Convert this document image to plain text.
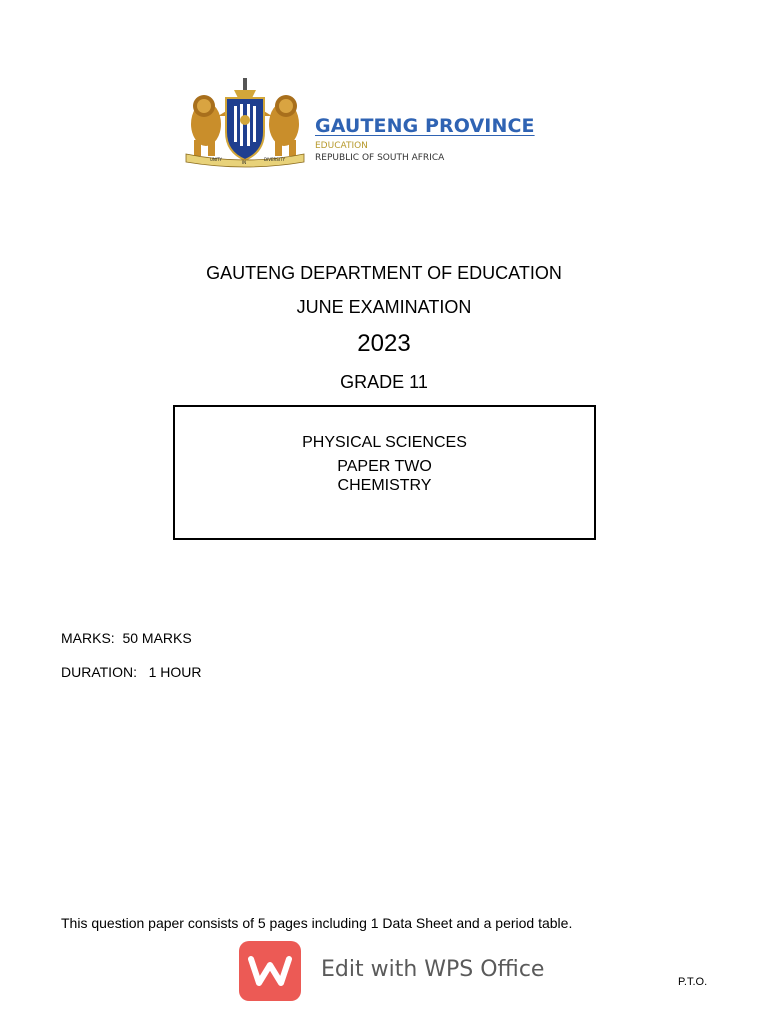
UNITY
IN
DIVERSITY
GAUTENG PROVINCE
EDUCATION
REPUBLIC OF SOUTH AFRICA
GAUTENG DEPARTMENT OF EDUCATION
JUNE EXAMINATION
2023
GRADE 11
PHYSICAL SCIENCES
PAPER TWO
CHEMISTRY
MARKS:  50 MARKS
DURATION:   1 HOUR
This question paper consists of 5 pages including 1 Data Sheet and a period table.
Edit with WPS Office	P.T.O.
